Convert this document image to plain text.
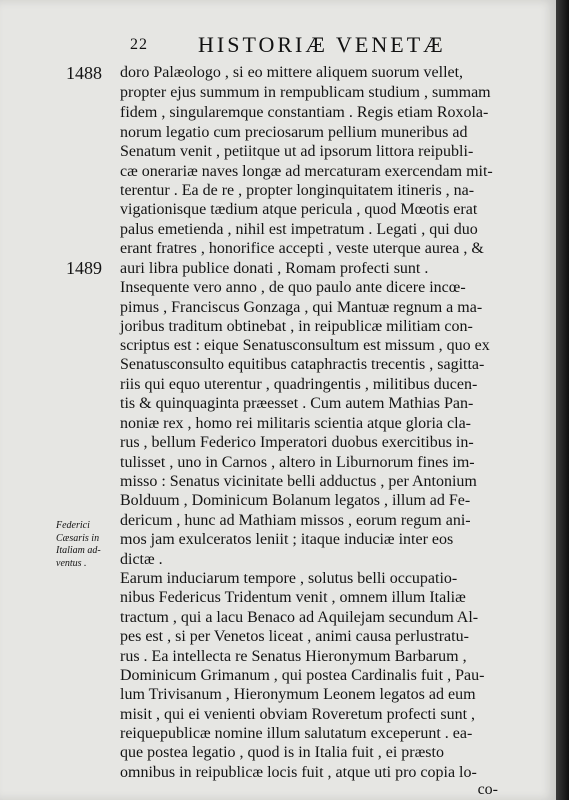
22 HISTORIÆ VENETÆ
1488
1489
Federici
Cæsaris in
Italiam ad-
ventus .
doro Palæologo , si eo mittere aliquem suorum vellet,
propter ejus summum in rempublicam studium , summam
fidem , singularemque constantiam . Regis etiam Roxola-
norum legatio cum preciosarum pellium muneribus ad
Senatum venit , petiitque ut ad ipsorum littora reipubli-
cæ onerariæ naves longæ ad mercaturam exercendam mit-
terentur . Ea de re , propter longinquitatem itineris , na-
vigationisque tædium atque pericula , quod Mœotis erat
palus emetienda , nihil est impetratum . Legati , qui duo
erant fratres , honorifice accepti , veste uterque aurea , &
auri libra publice donati , Romam profecti sunt .
Insequente vero anno , de quo paulo ante dicere incœ-
pimus , Franciscus Gonzaga , qui Mantuæ regnum a ma-
joribus traditum obtinebat , in reipublicæ militiam con-
scriptus est : eique Senatusconsultum est missum , quo ex
Senatusconsulto equitibus cataphractis trecentis , sagitta-
riis qui equo uterentur , quadringentis , militibus ducen-
tis & quinquaginta præesset . Cum autem Mathias Pan-
noniæ rex , homo rei militaris scientia atque gloria cla-
rus , bellum Federico Imperatori duobus exercitibus in-
tulisset , uno in Carnos , altero in Liburnorum fines im-
misso : Senatus vicinitate belli adductus , per Antonium
Bolduum , Dominicum Bolanum legatos , illum ad Fe-
dericum , hunc ad Mathiam missos , eorum regum ani-
mos jam exulceratos leniit ; itaque induciæ inter eos
dictæ .
Earum induciarum tempore , solutus belli occupatio-
nibus Federicus Tridentum venit , omnem illum Italiæ
tractum , qui a lacu Benaco ad Aquilejam secundum Al-
pes est , si per Venetos liceat , animi causa perlustratu-
rus . Ea intellecta re Senatus Hieronymum Barbarum ,
Dominicum Grimanum , qui postea Cardinalis fuit , Pau-
lum Trivisanum , Hieronymum Leonem legatos ad eum
misit , qui ei venienti obviam Roveretum profecti sunt ,
reiquepublicæ nomine illum salutatum exceperunt . ea-
que postea legatio , quod is in Italia fuit , ei præsto
omnibus in reipublicæ locis fuit , atque uti pro copia lo-
co-
